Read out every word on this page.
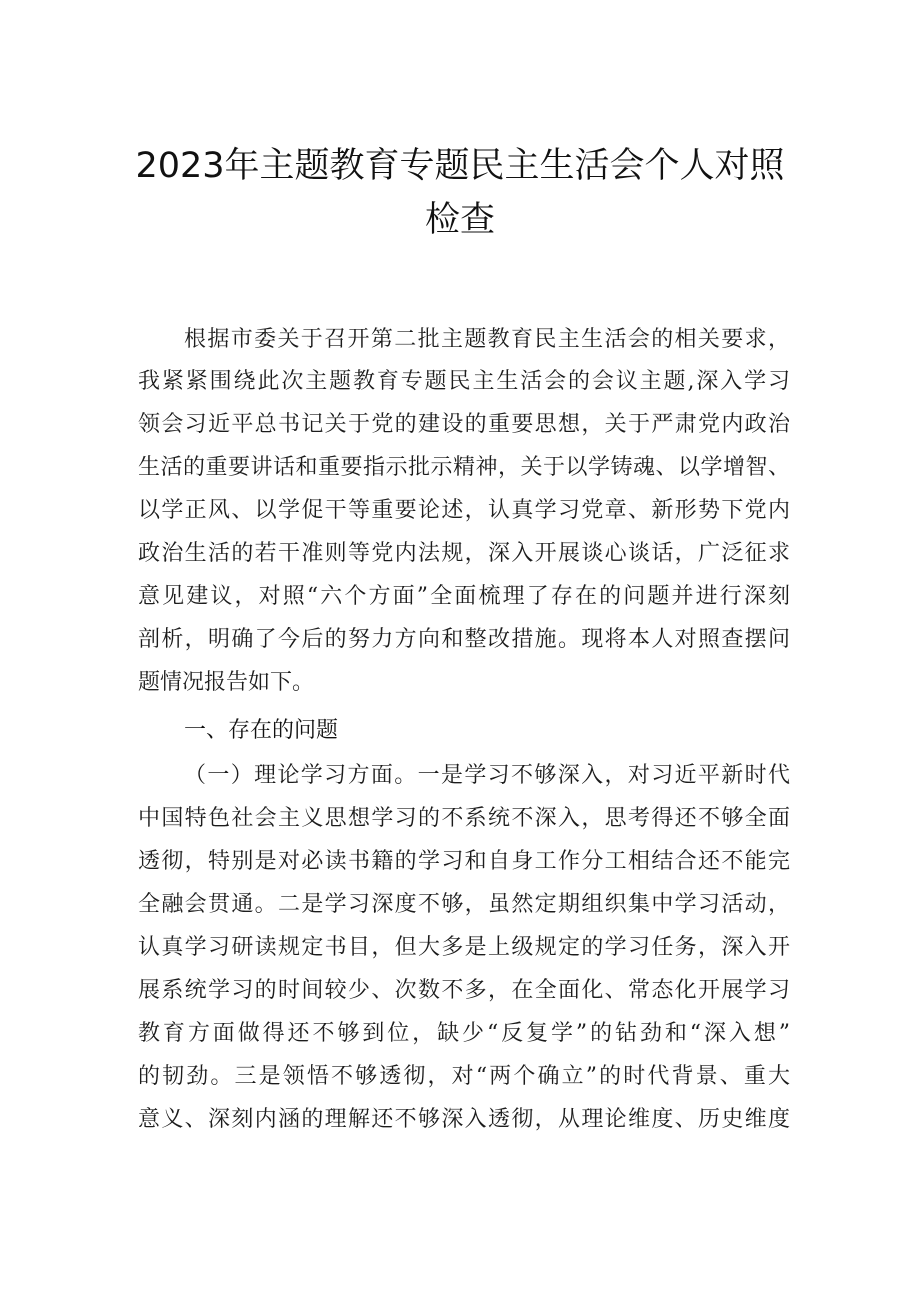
2023年主题教育专题民主生活会个人对照
检查
根据市委关于召开第二批主题教育民主生活会的相关要求，
我紧紧围绕此次主题教育专题民主生活会的会议主题,深入学习
领会习近平总书记关于党的建设的重要思想，关于严肃党内政治
生活的重要讲话和重要指示批示精神，关于以学铸魂、以学增智、
以学正风、以学促干等重要论述，认真学习党章、新形势下党内
政治生活的若干准则等党内法规，深入开展谈心谈话，广泛征求
意见建议，对照“六个方面”全面梳理了存在的问题并进行深刻
剖析，明确了今后的努力方向和整改措施。现将本人对照查摆问
题情况报告如下。
一、存在的问题
（一）理论学习方面。一是学习不够深入，对习近平新时代
中国特色社会主义思想学习的不系统不深入，思考得还不够全面
透彻，特别是对必读书籍的学习和自身工作分工相结合还不能完
全融会贯通。二是学习深度不够，虽然定期组织集中学习活动，
认真学习研读规定书目，但大多是上级规定的学习任务，深入开
展系统学习的时间较少、次数不多，在全面化、常态化开展学习
教育方面做得还不够到位，缺少“反复学”的钻劲和“深入想”
的韧劲。三是领悟不够透彻，对“两个确立”的时代背景、重大
意义、深刻内涵的理解还不够深入透彻，从理论维度、历史维度
